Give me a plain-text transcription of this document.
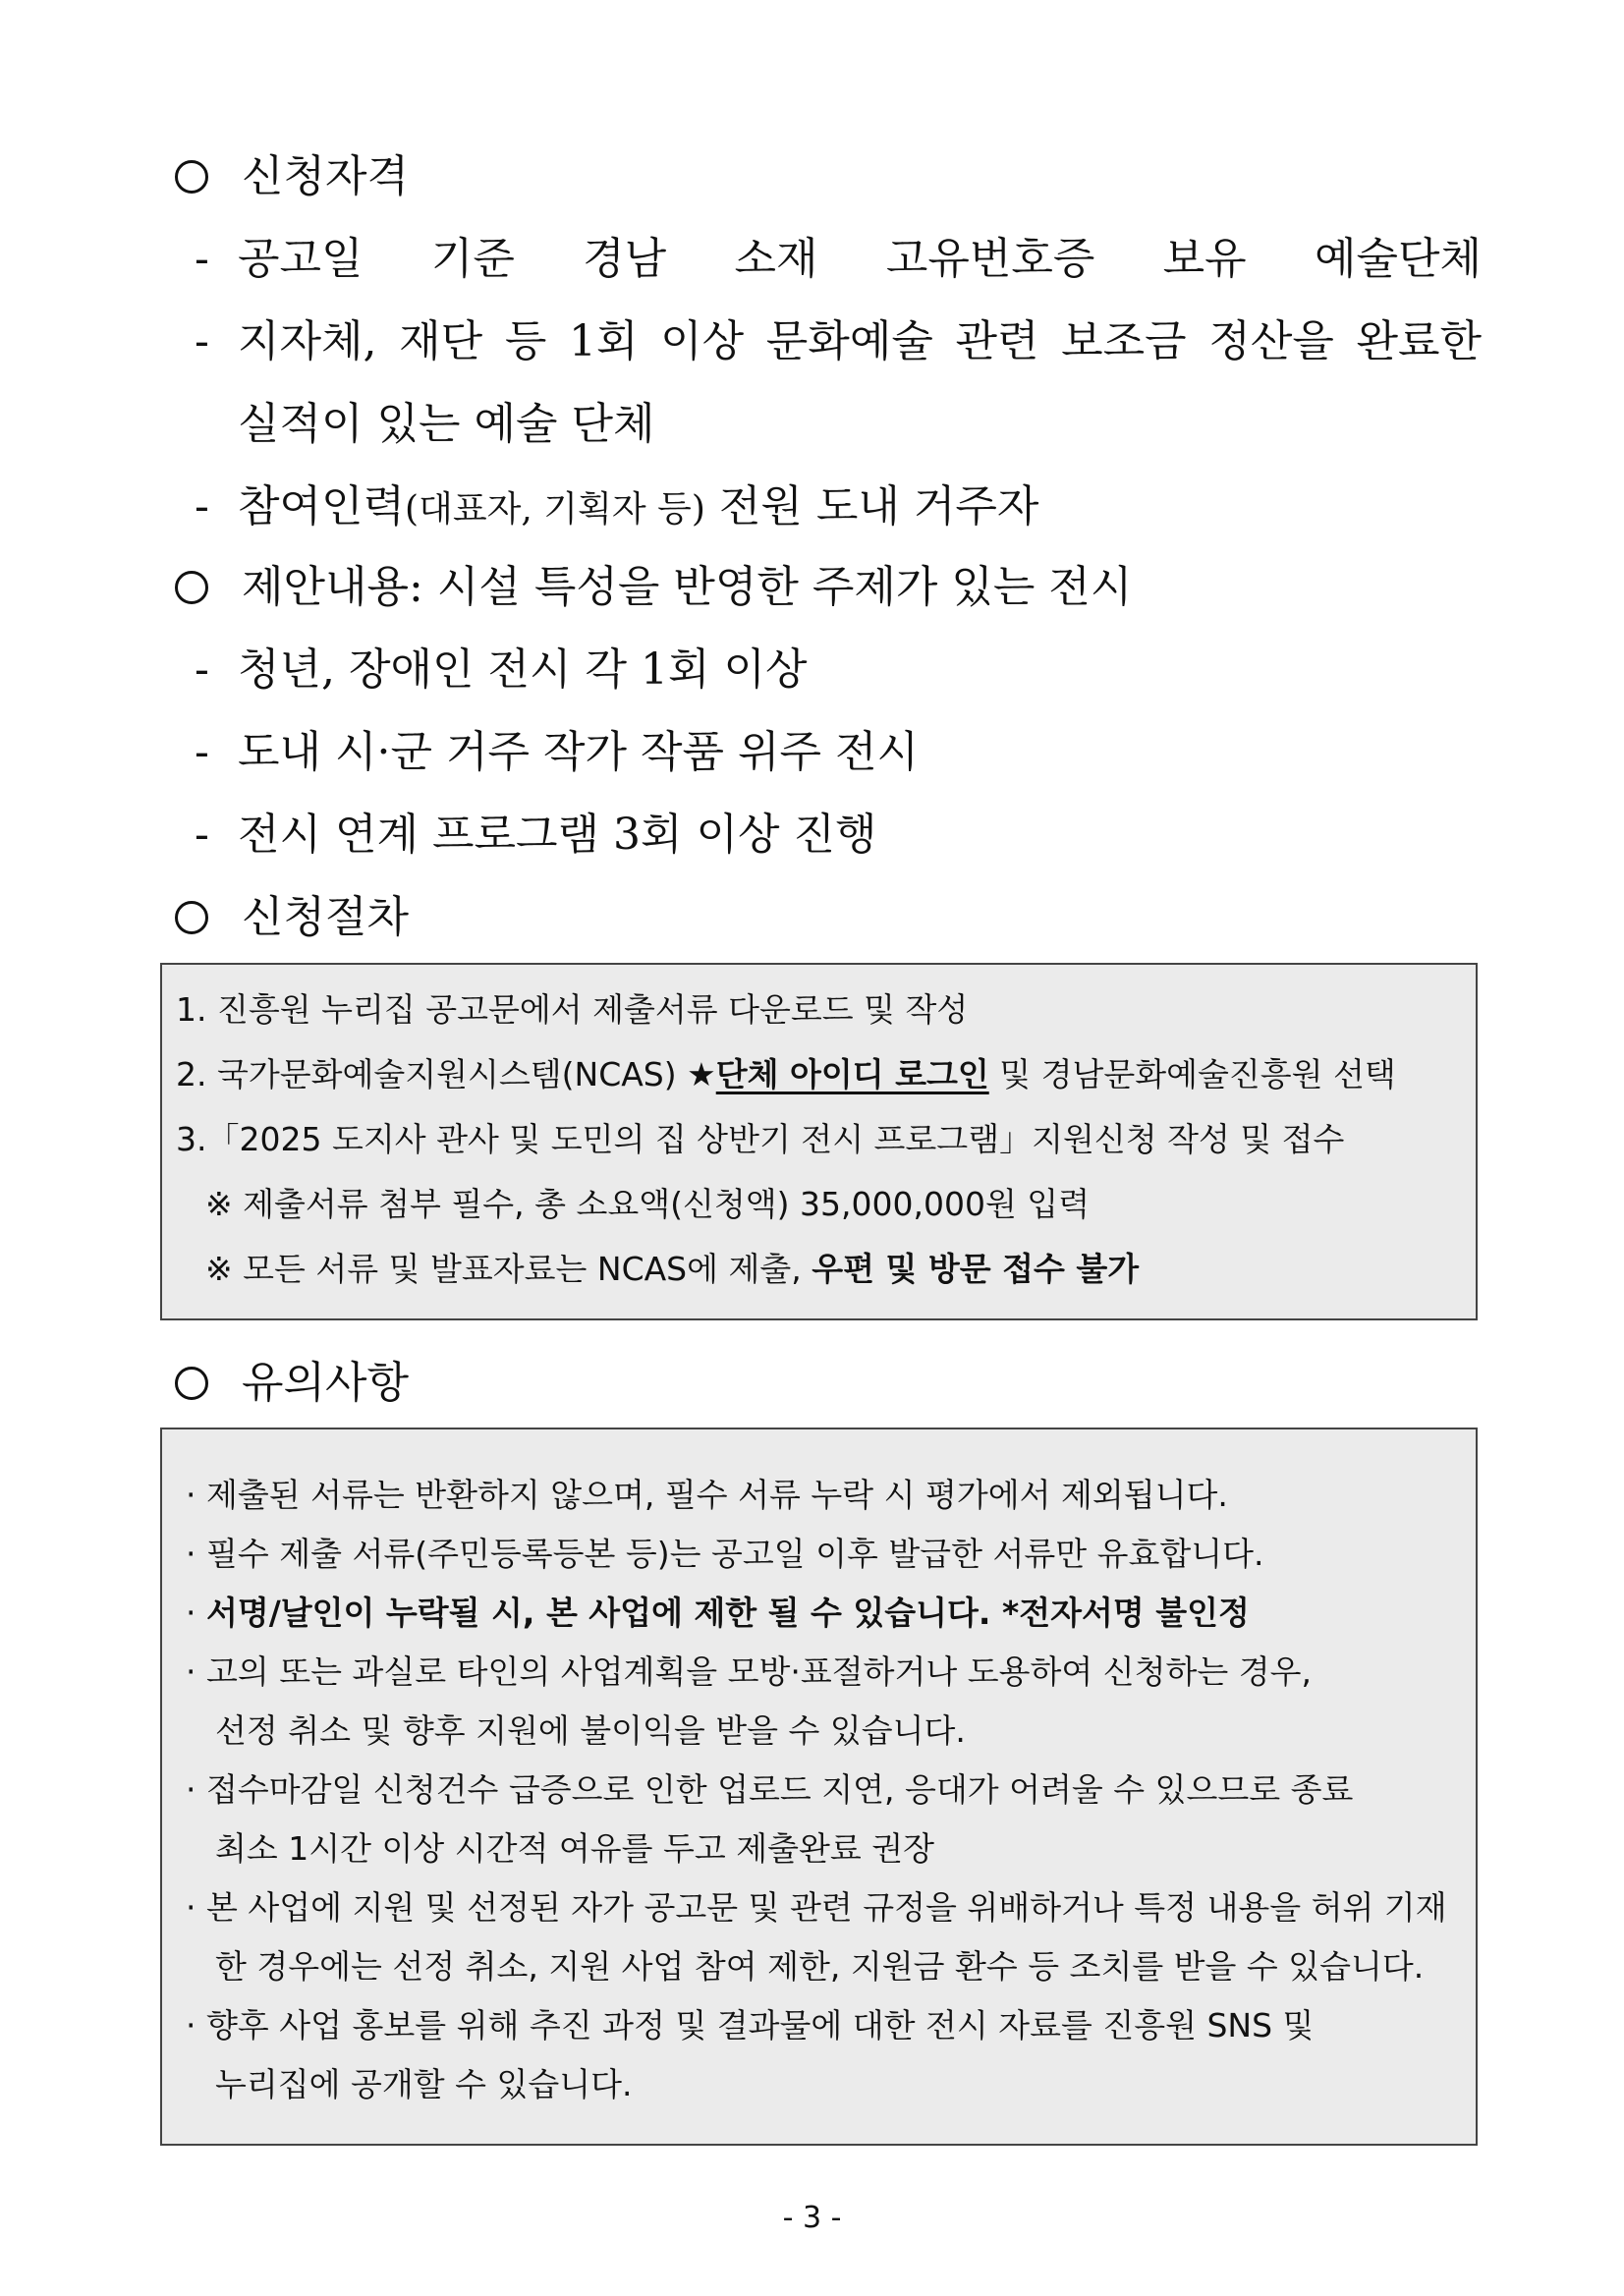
신청자격
- 공고일 기준 경남 소재 고유번호증 보유 예술단체
- 지자체, 재단 등 1회 이상 문화예술 관련 보조금 정산을 완료한
실적이 있는 예술 단체
- 참여인력(대표자, 기획자 등) 전원 도내 거주자
제안내용: 시설 특성을 반영한 주제가 있는 전시
- 청년, 장애인 전시 각 1회 이상
- 도내 시·군 거주 작가 작품 위주 전시
- 전시 연계 프로그램 3회 이상 진행
신청절차
1. 진흥원 누리집 공고문에서 제출서류 다운로드 및 작성
2. 국가문화예술지원시스템(NCAS) ★단체 아이디 로그인 및 경남문화예술진흥원 선택
3.「2025 도지사 관사 및 도민의 집 상반기 전시 프로그램」지원신청 작성 및 접수
※ 제출서류 첨부 필수, 총 소요액(신청액) 35,000,000원 입력
※ 모든 서류 및 발표자료는 NCAS에 제출, 우편 및 방문 접수 불가
유의사항
· 제출된 서류는 반환하지 않으며, 필수 서류 누락 시 평가에서 제외됩니다.
· 필수 제출 서류(주민등록등본 등)는 공고일 이후 발급한 서류만 유효합니다.
· 서명/날인이 누락될 시, 본 사업에 제한 될 수 있습니다. *전자서명 불인정
· 고의 또는 과실로 타인의 사업계획을 모방·표절하거나 도용하여 신청하는 경우,
선정 취소 및 향후 지원에 불이익을 받을 수 있습니다.
· 접수마감일 신청건수 급증으로 인한 업로드 지연, 응대가 어려울 수 있으므로 종료
최소 1시간 이상 시간적 여유를 두고 제출완료 권장
· 본 사업에 지원 및 선정된 자가 공고문 및 관련 규정을 위배하거나 특정 내용을 허위 기재
한 경우에는 선정 취소, 지원 사업 참여 제한, 지원금 환수 등 조치를 받을 수 있습니다.
· 향후 사업 홍보를 위해 추진 과정 및 결과물에 대한 전시 자료를 진흥원 SNS 및
누리집에 공개할 수 있습니다.
- 3 -
